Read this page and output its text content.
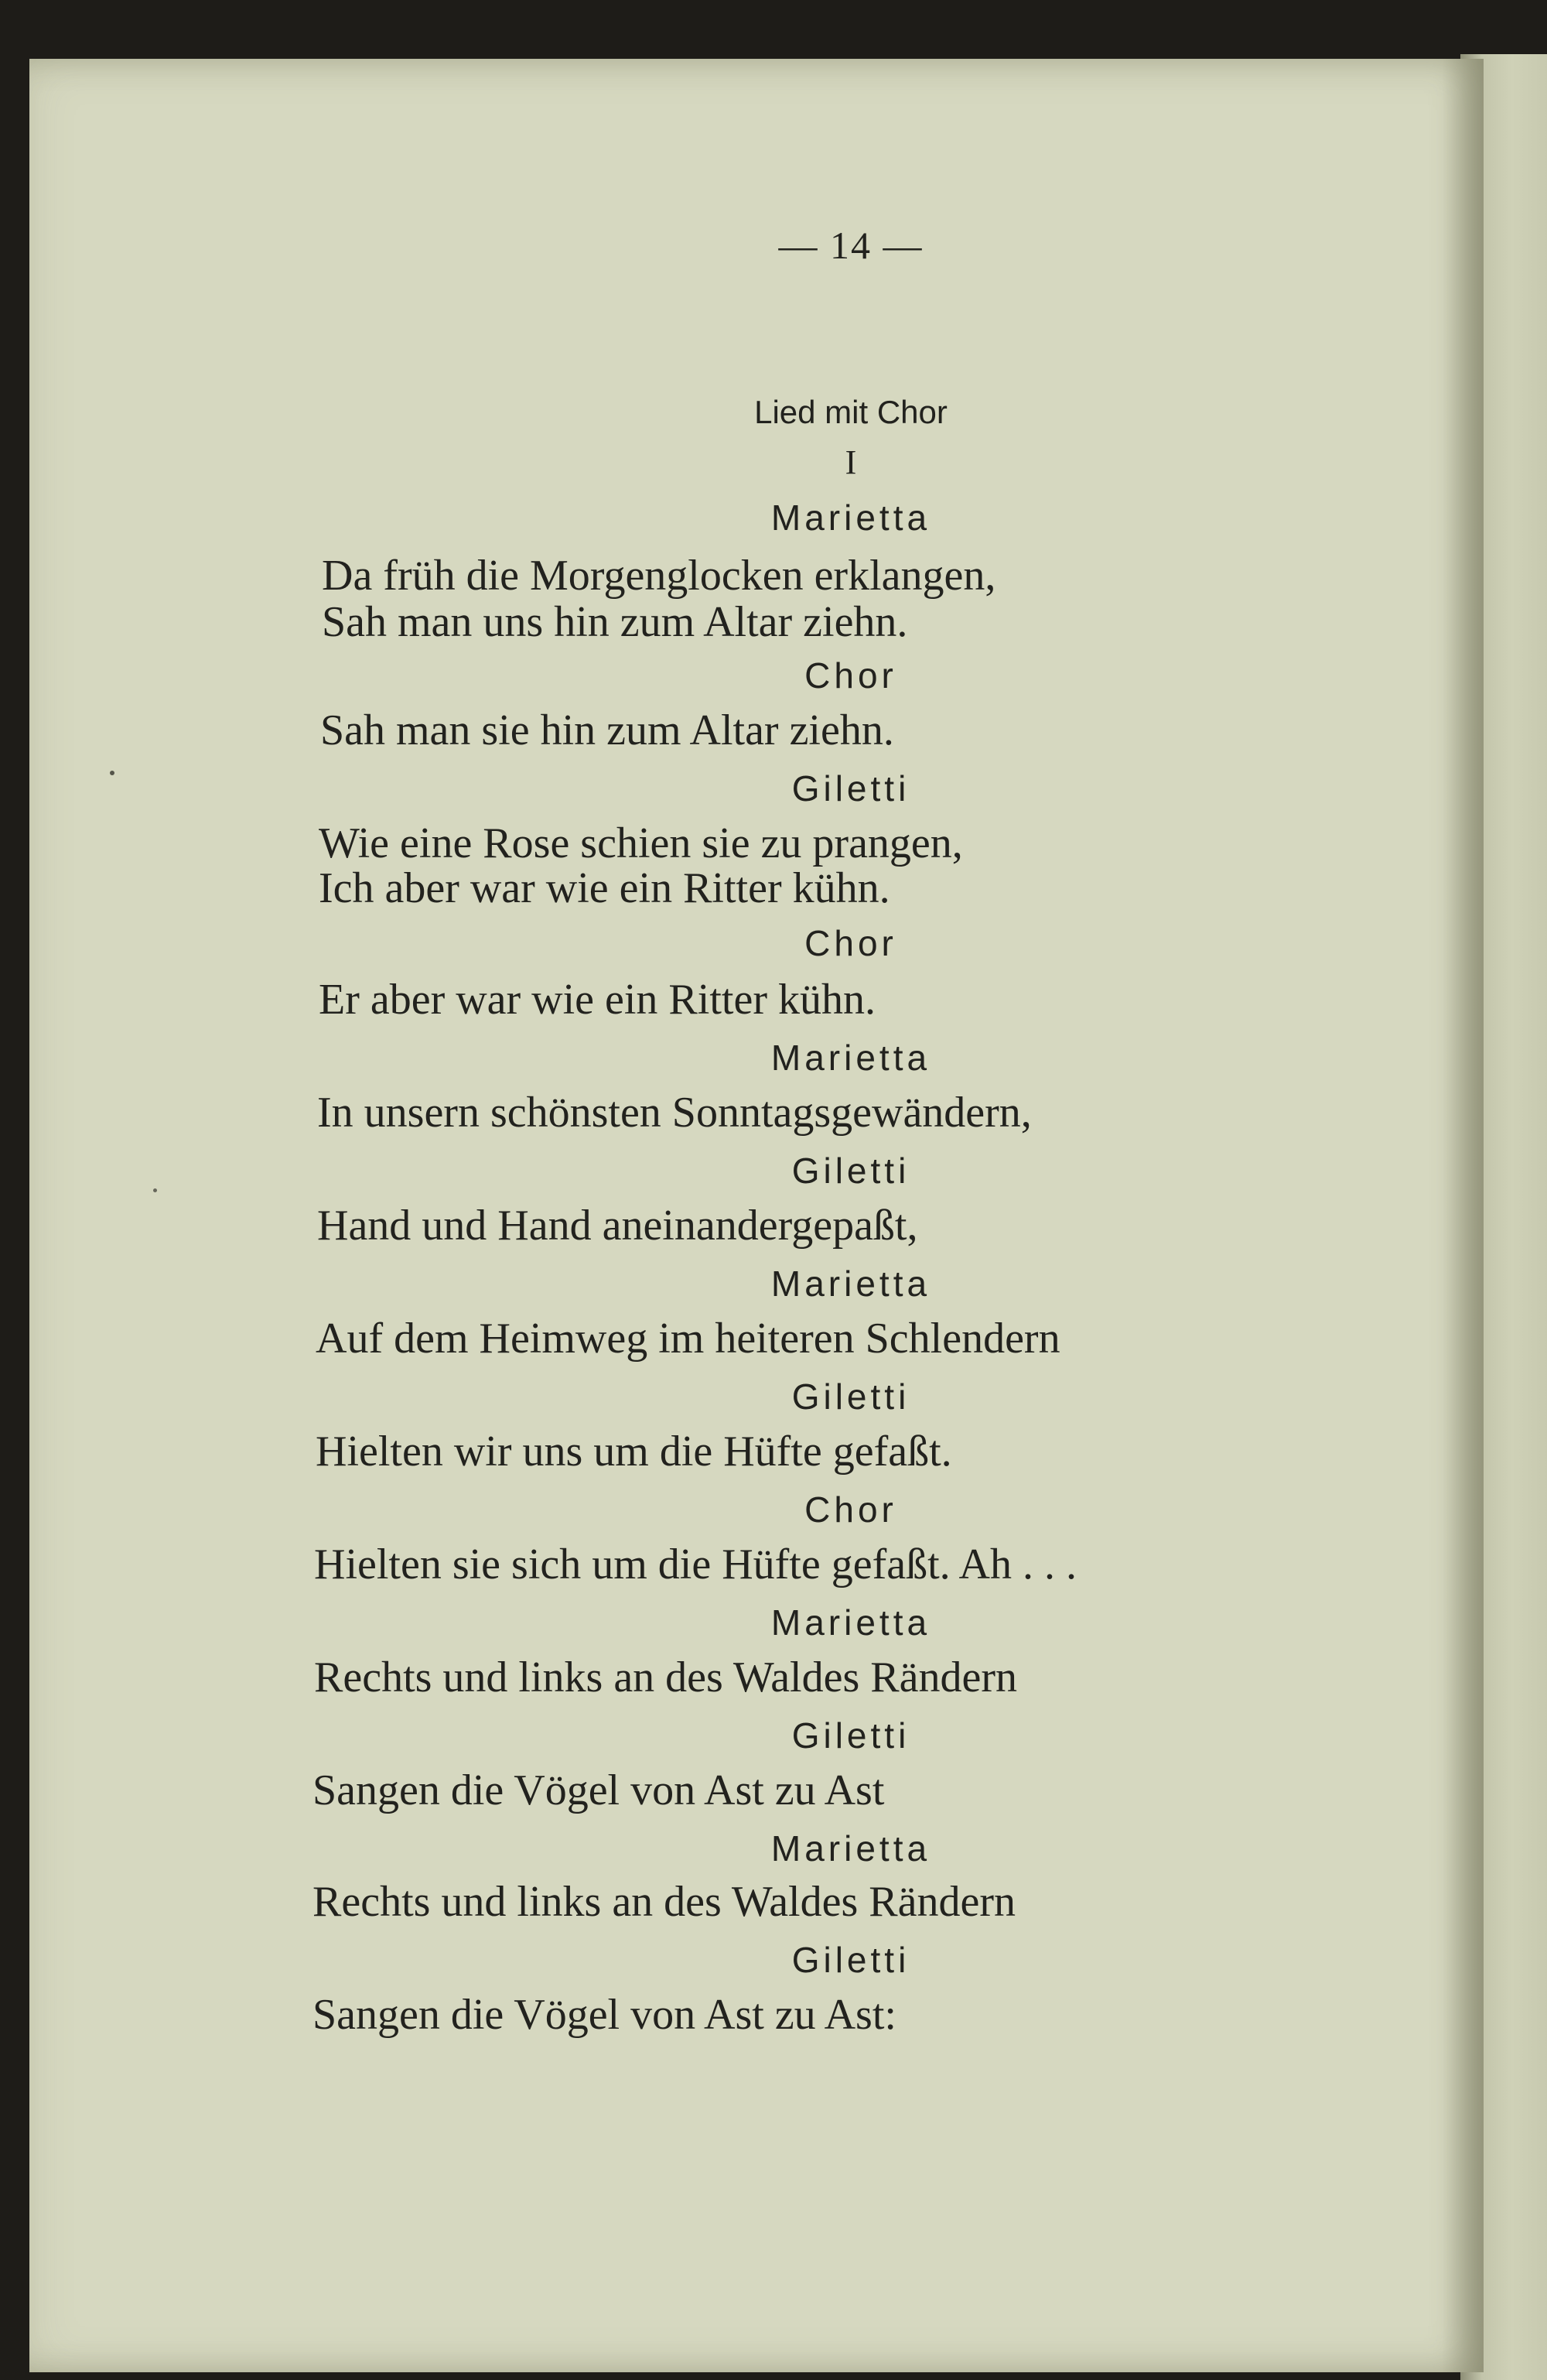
— 14 —

Lied mit Chor

I

Marietta

Da früh die Morgenglocken erklangen,

Sah man uns hin zum Altar ziehn.

Chor

Sah man sie hin zum Altar ziehn.

Giletti

Wie eine Rose schien sie zu prangen,

Ich aber war wie ein Ritter kühn.

Chor

Er aber war wie ein Ritter kühn.

Marietta

In unsern schönsten Sonntagsgewändern,

Giletti

Hand und Hand aneinandergepaßt,

Marietta

Auf dem Heimweg im heiteren Schlendern

Giletti

Hielten wir uns um die Hüfte gefaßt.

Chor

Hielten sie sich um die Hüfte gefaßt. Ah . . .

Marietta

Rechts und links an des Waldes Rändern

Giletti

Sangen die Vögel von Ast zu Ast

Marietta

Rechts und links an des Waldes Rändern

Giletti

Sangen die Vögel von Ast zu Ast:
